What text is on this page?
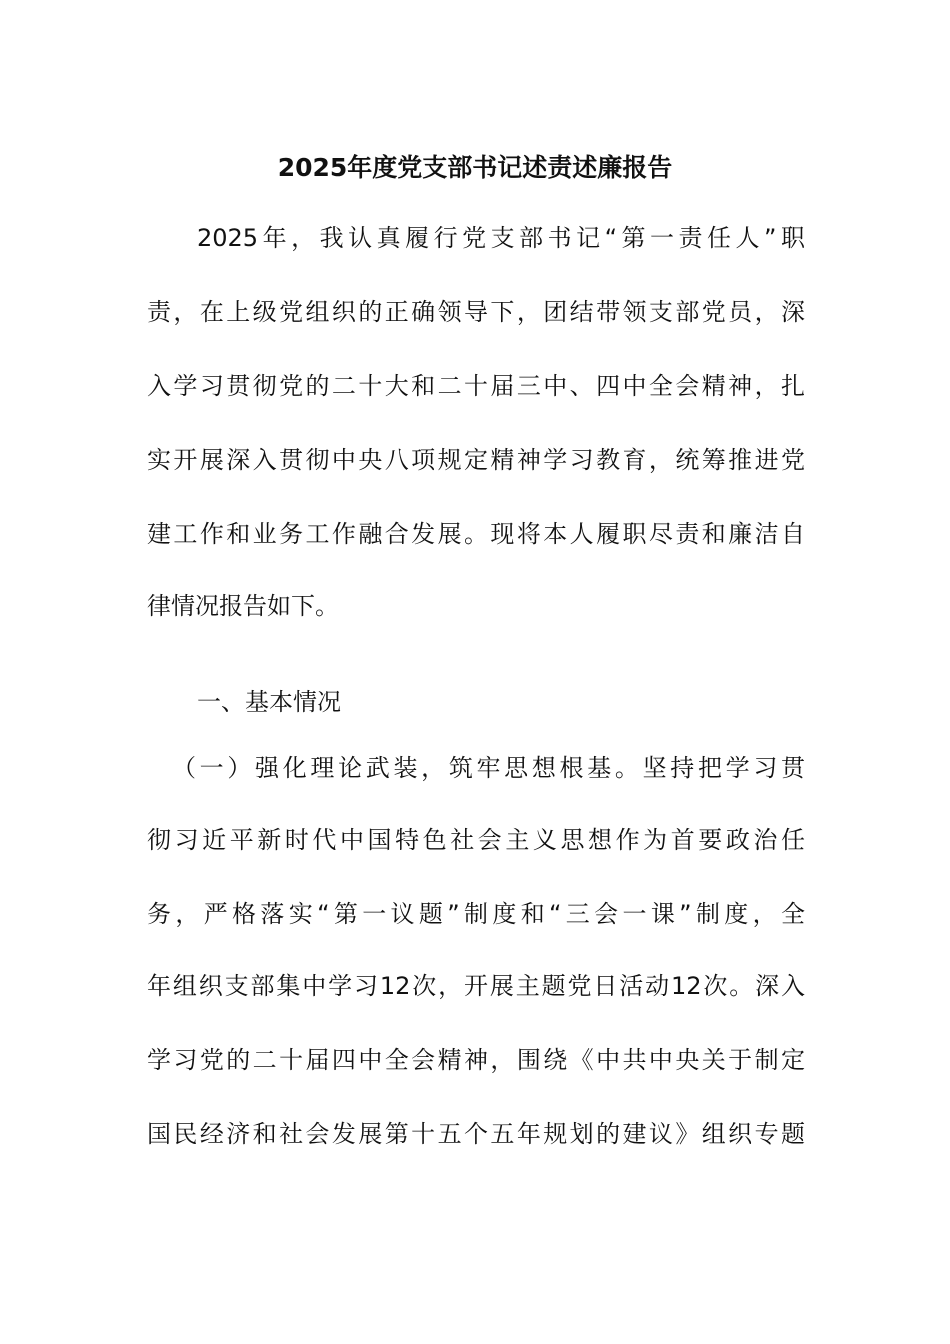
2025年度党支部书记述责述廉报告
2025年，我认真履行党支部书记“第一责任人”职
责，在上级党组织的正确领导下，团结带领支部党员，深
入学习贯彻党的二十大和二十届三中、四中全会精神，扎
实开展深入贯彻中央八项规定精神学习教育，统筹推进党
建工作和业务工作融合发展。现将本人履职尽责和廉洁自
律情况报告如下。
一、基本情况
（一）强化理论武装，筑牢思想根基。坚持把学习贯
彻习近平新时代中国特色社会主义思想作为首要政治任
务，严格落实“第一议题”制度和“三会一课”制度，全
年组织支部集中学习12次，开展主题党日活动12次。深入
学习党的二十届四中全会精神，围绕《中共中央关于制定
国民经济和社会发展第十五个五年规划的建议》组织专题
